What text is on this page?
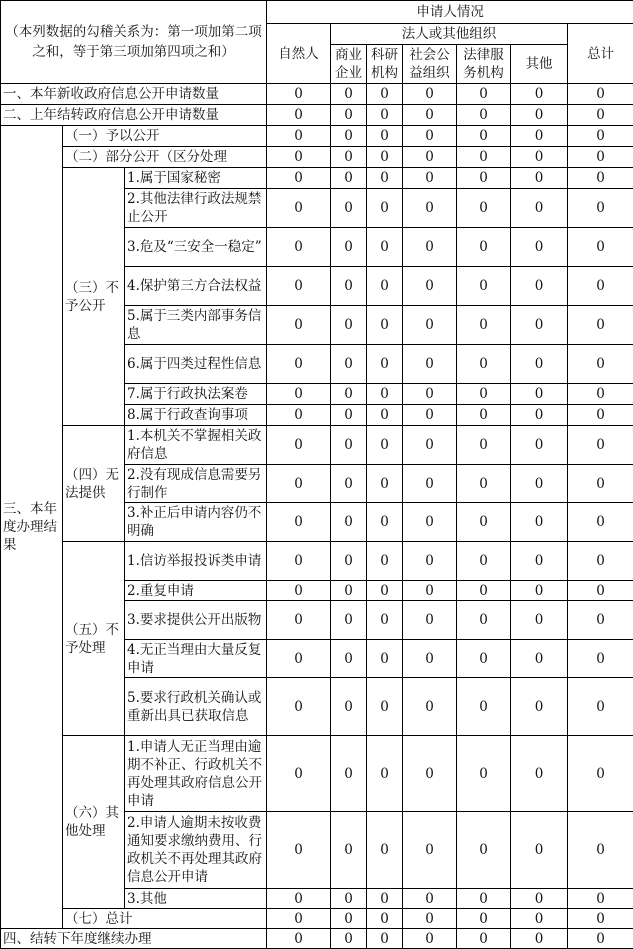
（本列数据的勾稽关系为：第一项加第二项之和，等于第三项加第四项之和）			申请人情况						
			自然人	法人或其他组织					总计
				商业企业	科研机构	社会公益组织	法律服务机构	其他	
一、本年新收政府信息公开申请数量			0	0	0	0	0	0	0
二、上年结转政府信息公开申请数量			0	0	0	0	0	0	0
三、本年度办理结果	（一）予以公开		0	0	0	0	0	0	0
	（二）部分公开（区分处理		0	0	0	0	0	0	0
	（三）不予公开	1.属于国家秘密	0	0	0	0	0	0	0
		2.其他法律行政法规禁止公开	0	0	0	0	0	0	0
		3.危及“三安全一稳定”	0	0	0	0	0	0	0
		4.保护第三方合法权益	0	0	0	0	0	0	0
		5.属于三类内部事务信息	0	0	0	0	0	0	0
		6.属于四类过程性信息	0	0	0	0	0	0	0
		7.属于行政执法案卷	0	0	0	0	0	0	0
		8.属于行政查询事项	0	0	0	0	0	0	0
	（四）无法提供	1.本机关不掌握相关政府信息	0	0	0	0	0	0	0
		2.没有现成信息需要另行制作	0	0	0	0	0	0	0
		3.补正后申请内容仍不明确	0	0	0	0	0	0	0
	（五）不予处理	1.信访举报投诉类申请	0	0	0	0	0	0	0
		2.重复申请	0	0	0	0	0	0	0
		3.要求提供公开出版物	0	0	0	0	0	0	0
		4.无正当理由大量反复申请	0	0	0	0	0	0	0
		5.要求行政机关确认或重新出具已获取信息	0	0	0	0	0	0	0
	（六）其他处理	1.申请人无正当理由逾期不补正、行政机关不再处理其政府信息公开申请	0	0	0	0	0	0	0
		2.申请人逾期未按收费通知要求缴纳费用、行政机关不再处理其政府信息公开申请	0	0	0	0	0	0	0
		3.其他	0	0	0	0	0	0	0
	（七）总计		0	0	0	0	0	0	0
四、结转下年度继续办理			0	0	0	0	0	0	0
